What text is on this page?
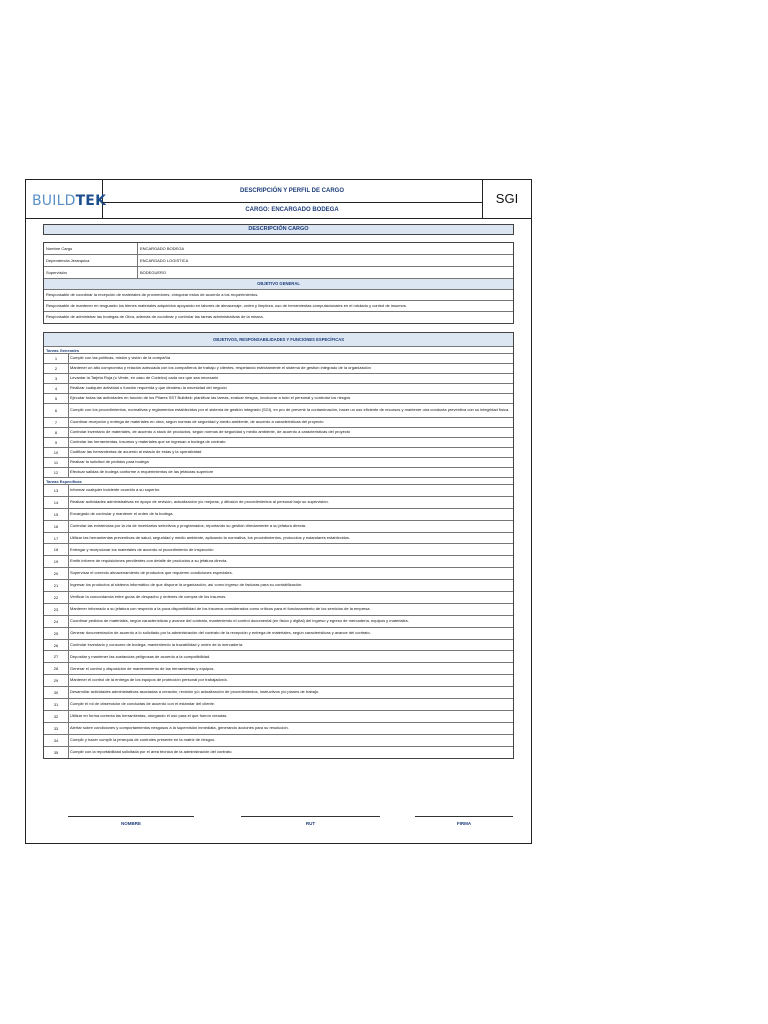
BUILDTEK
DESCRIPCIÓN Y PERFIL DE CARGO
CARGO: ENCARGADO BODEGA
SGI
DESCRIPCIÓN CARGO
Nombre Cargo	ENCARGADO BODEGA
Dependencia Jerarquica	ENCARGADO LOGISTICA
Supervisión	BODEGUERO
OBJETIVO GENERAL
Responsable de coordinar la recepción de materiales de proveedores, chequear estos de acuerdo a los requerimientos.
Responsable de mantener en resguardo los bienes materiales adquiridos apoyando en labores de almacenaje, orden y limpieza, uso de herramientas computacionales en el rotulado y control de insumos.
Responsable de administrar las bodegas de Obra, además de coordinar y controlar las tareas administrativas de la misma.
OBJETIVOS, RESPONSABILIDADES Y FUNCIONES ESPECÍFICAS
Tareas Generales
1	Cumplir con las políticas, misión y visión de la compañía
2	Mantener un alto compromiso y relación adecuada con los compañeros de trabajo y clientes, respetando estrictamente el sistema de gestion integrado de la organización
3	Levantar la Tarjeta Roja (o Verde, en caso de Codelco) cada vez que sea necesario
4	Realizar cualquier actividad o función requerida y que dendesu la necesidad del negocio
5	Ejecutar todas las actividades en función de los Pilares SST Buildtek: planificar las tareas, evaluar riesgos, involucrar a todo el personal y controlar los riesgos
6	Cumplir con los procedimientos, normativas y reglamentos establecidos por el sistema de gestión integrado (SGI), en pro de prevenir la contaminación, hacer un uso eficiente de recursos y mantener una conducta preventiva con su integridad física.
7	Coordinar recepción y entrega de materiales en obra, según normas de seguridad y medio ambiente, de acuerdo a características del proyecto
8	Controlar inventario de materiales, de acuerdo a stock de productos, según normas de seguridad y medio ambiente, de acuerdo a características del proyecto
9	Controlar las herramientas, insumos y materiales que se ingresan a bodega de contrato
10	Codificar las herramientas de acuerdo al estado de estas y la operatividad
11	Realizar la solicitud de pedidos para bodega
12	Efectuar salidas de bodega conforme a requerimientos de las jefaturas superiore
Tareas Específicas
13	Informar cualquier incidente ocurrido a su superior.
14	Realizar actividades administrativas en apoyo de revisión, actualización y/o mejoras, y difusión de procedimientos al personal bajo su supervisión.
15	Encargado de controlar y mantener el orden de la bodega
16	Controlar las existencias por la vía de inventarios selectivos y programados, reportando su gestión directamente a su jefatura directa.
17	Utilizar las herramientas preventivas de salud, seguridad y medio ambiente, aplicando la normativa, los procedimientos, protocolos y estandares establecidos.
18	Entregar y recepcionar los materiales de acuerdo al procedimiento de inspección
19	Emitir informe de requisiciones pendientes con detalle de productos a su jefatura directa.
20	Supervisar el correcto almacenamiento de productos que requieren condiciones especiales.
21	Ingresar los productos al sistema informático de que dispone la organización, así como ingreso de facturas para su contabilización.
22	Verificar la concordancia entre guías de despacho y órdenes de compra de los insumos.
23	Mantener informado a su jefatura con respecto a la poca disponibilidad de los insumos considerados como críticos para el funcionamiento de los servicios de la empresa.
24	Coordinar pedidos de materiales, según características y avance del contrato, manteniendo el control documental (en físico y digital) del ingreso y egreso de mercadería, equipos y materiales.
25	Generar documentación de acuerdo a lo solicitado por la administración del contrato de la recepción y entrega de materiales, según características y avance del contrato.
26	Controlar inventario y consumo de bodega, manteniendo la trazabilidad y orden de la mercadería.
27	Depositar y mantener las sustancias peligrosas de acuerdo a la compatibilidad.
28	Generar el control y disposición de mantenimiento de las herramientas y equipos.
29	Mantener el control de la entrega de los equipos de protección personal por trabajador/a.
30	Desarrollar actividades administrativas asociadas a creación, revisión y/o actualización de procedimientos, instructivos y/o planes de trabajo.
31	Cumplir el rol de observador de conductas de acuerdo con el estándar del cliente.
32	Utilizar en forma correcta las herramientas, otorgando el uso para el que fueron creadas.
33	Alertar sobre condiciones y comportamientos riesgosos a la supervisión inmediata, generando acciones para su resolución.
34	Cumplir y hacer cumplir la jerarquía de controles presente en la matriz de riesgos.
35	Cumplir con la reportabilidad solicitada por el área técnica de la administración del contrato.
NOMBRE	RUT	FIRMA
